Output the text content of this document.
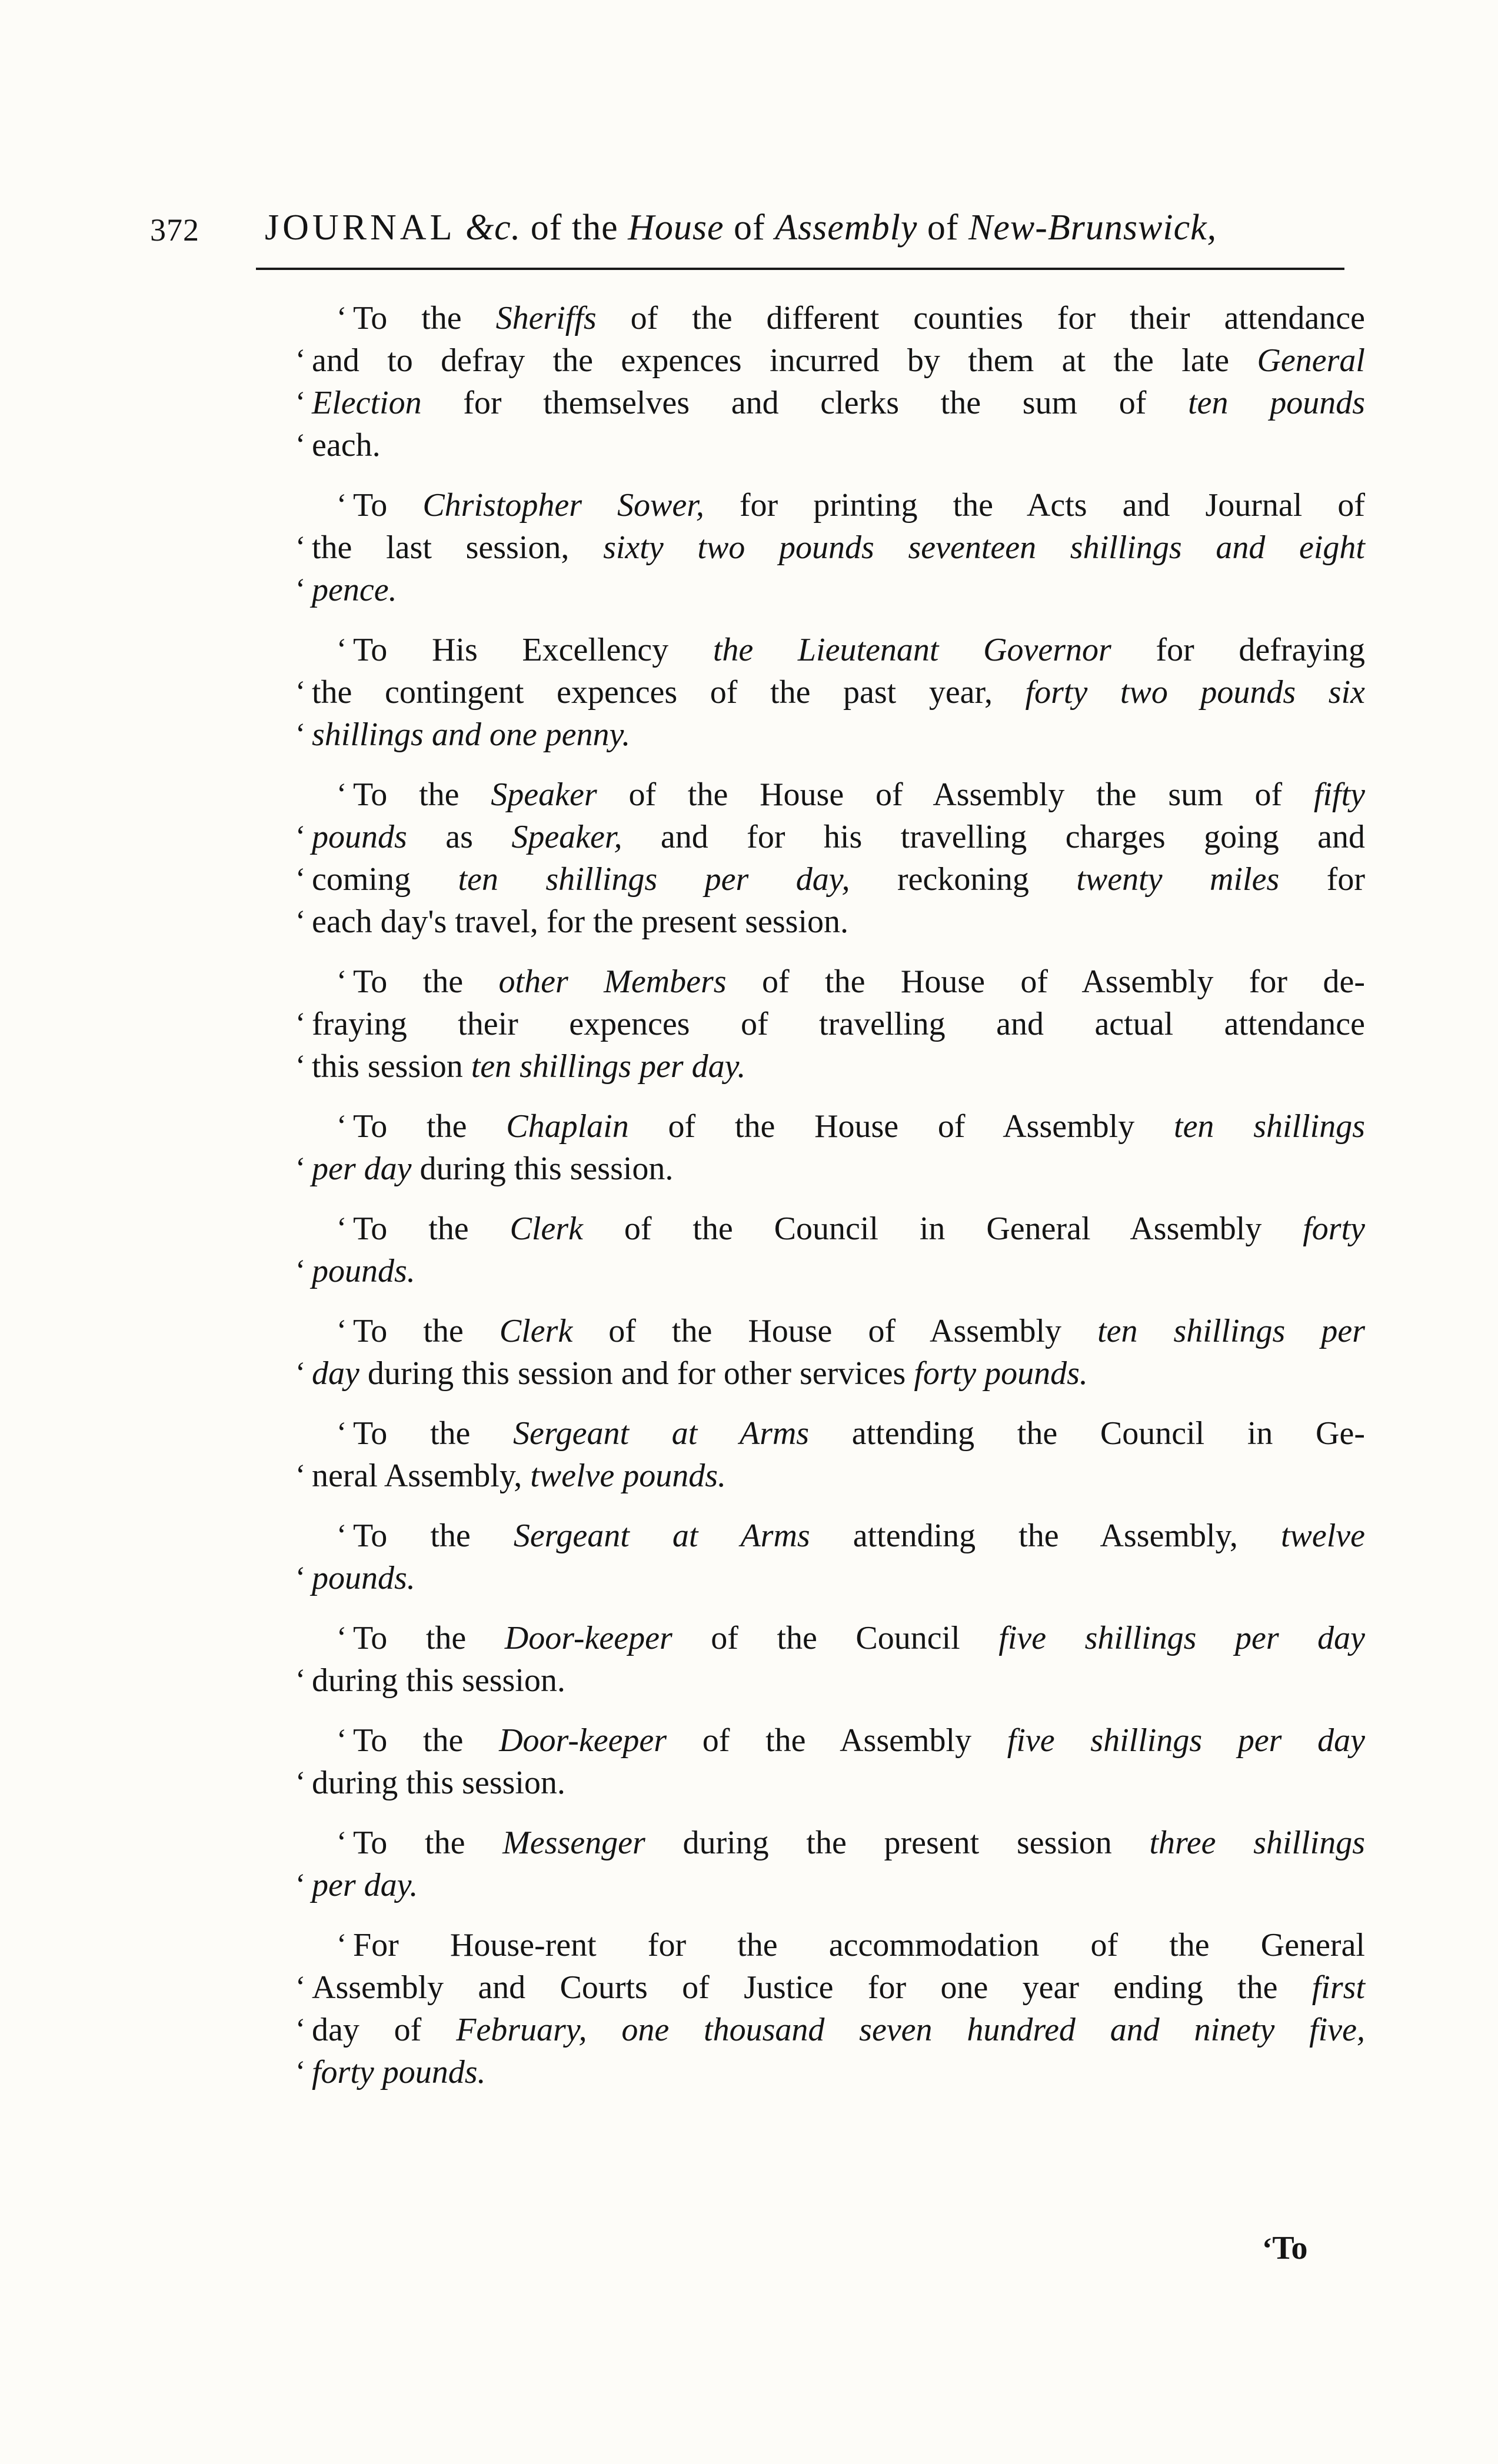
372 JOURNAL &c. of the House of Assembly of New-Brunswick,
‘ To the Sheriffs of the different counties for their attendance
‘ and to defray the expences incurred by them at the late General
‘ Election for themselves and clerks the sum of ten pounds
‘ each.
‘ To Christopher Sower, for printing the Acts and Journal of
‘ the last session, sixty two pounds seventeen shillings and eight
‘ pence.
‘ To His Excellency the Lieutenant Governor for defraying
‘ the contingent expences of the past year, forty two pounds six
‘ shillings and one penny.
‘ To the Speaker of the House of Assembly the sum of fifty
‘ pounds as Speaker, and for his travelling charges going and
‘ coming ten shillings per day, reckoning twenty miles for
‘ each day's travel, for the present session.
‘ To the other Members of the House of Assembly for de-
‘ fraying their expences of travelling and actual attendance
‘ this session ten shillings per day.
‘ To the Chaplain of the House of Assembly ten shillings
‘ per day during this session.
‘ To the Clerk of the Council in General Assembly forty
‘ pounds.
‘ To the Clerk of the House of Assembly ten shillings per
‘ day during this session and for other services forty pounds.
‘ To the Sergeant at Arms attending the Council in Ge-
‘ neral Assembly, twelve pounds.
‘ To the Sergeant at Arms attending the Assembly, twelve
‘ pounds.
‘ To the Door-keeper of the Council five shillings per day
‘ during this session.
‘ To the Door-keeper of the Assembly five shillings per day
‘ during this session.
‘ To the Messenger during the present session three shillings
‘ per day.
‘ For House-rent for the accommodation of the General
‘ Assembly and Courts of Justice for one year ending the first
‘ day of February, one thousand seven hundred and ninety five,
‘ forty pounds.
‘To
